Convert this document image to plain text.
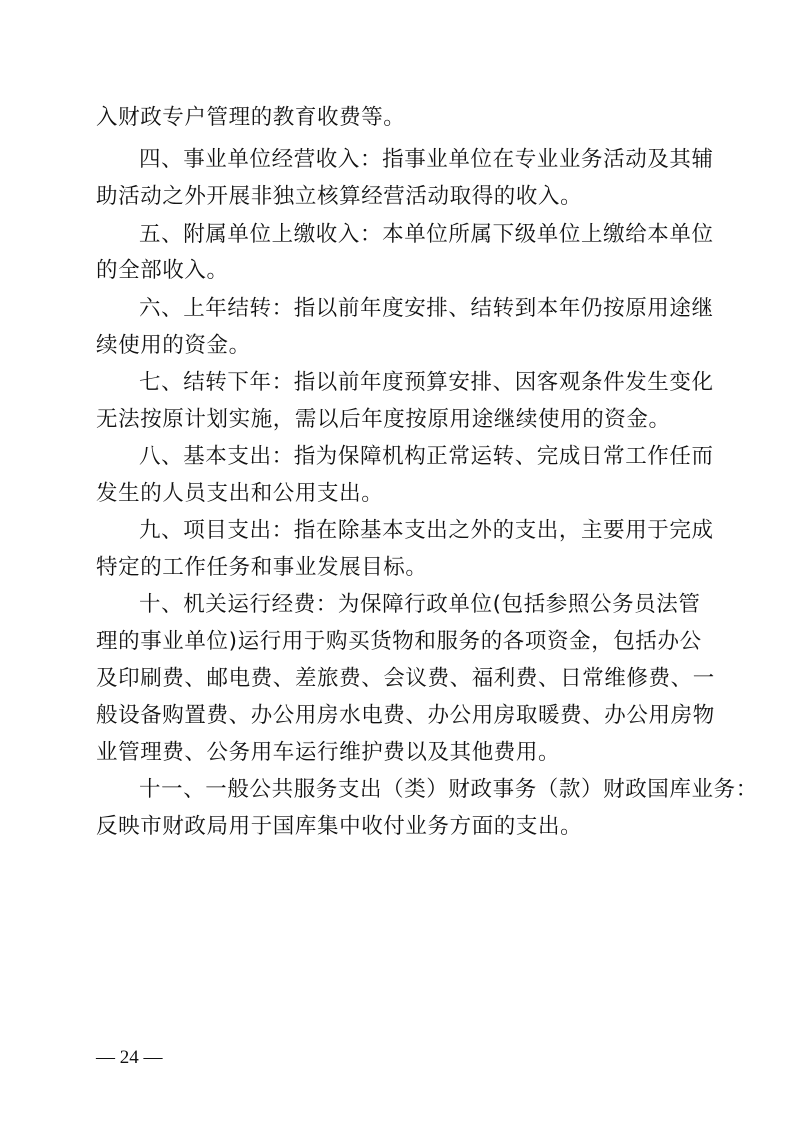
入财政专户管理的教育收费等。
四、事业单位经营收入：指事业单位在专业业务活动及其辅
助活动之外开展非独立核算经营活动取得的收入。
五、附属单位上缴收入：本单位所属下级单位上缴给本单位
的全部收入。
六、上年结转：指以前年度安排、结转到本年仍按原用途继
续使用的资金。
七、结转下年：指以前年度预算安排、因客观条件发生变化
无法按原计划实施，需以后年度按原用途继续使用的资金。
八、基本支出：指为保障机构正常运转、完成日常工作任而
发生的人员支出和公用支出。
九、项目支出：指在除基本支出之外的支出，主要用于完成
特定的工作任务和事业发展目标。
十、机关运行经费：为保障行政单位(包括参照公务员法管
理的事业单位)运行用于购买货物和服务的各项资金，包括办公
及印刷费、邮电费、差旅费、会议费、福利费、日常维修费、一
般设备购置费、办公用房水电费、办公用房取暖费、办公用房物
业管理费、公务用车运行维护费以及其他费用。
十一、一般公共服务支出（类）财政事务（款）财政国库业务：
反映市财政局用于国库集中收付业务方面的支出。
— 24 —
